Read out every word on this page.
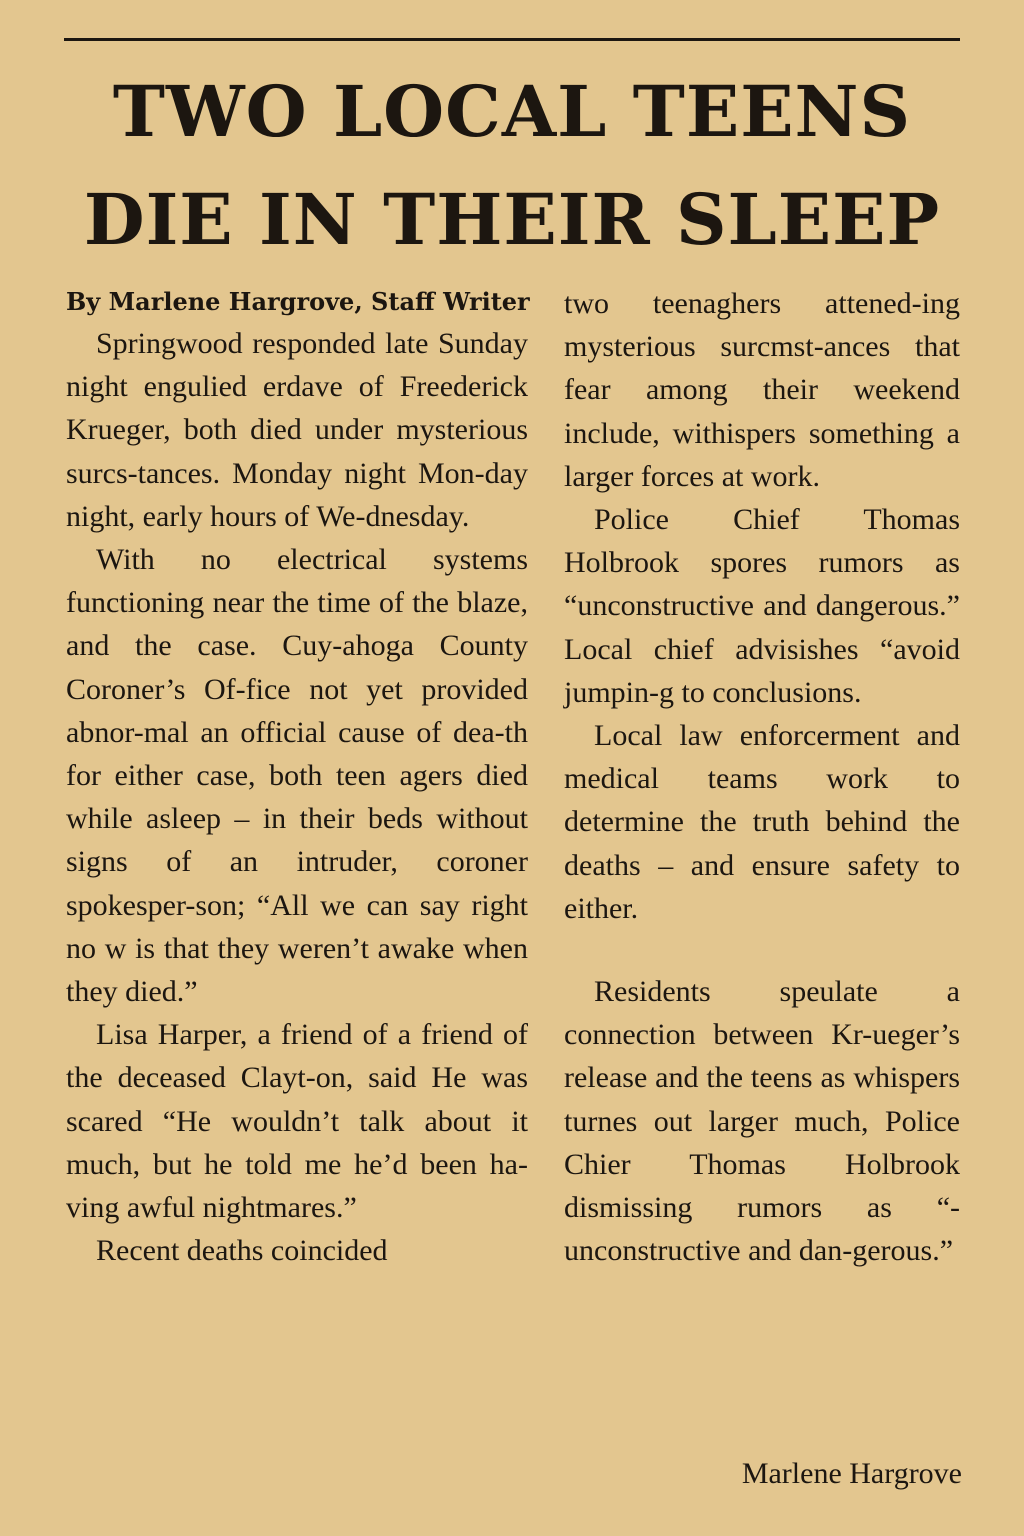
TWO LOCAL TEENS
DIE IN THEIR SLEEP

By Marlene Hargrove, Staff Writer

Springwood responded late Sunday night engulied erdave of Freederick Krueger, both died under mysterious surcs-tances. Monday night Mon-day night, early hours of We-dnesday.

With no electrical systems functioning near the time of the blaze, and the case. Cuy-ahoga County Coroner’s Of-fice not yet provided abnor-mal an official cause of dea-th for either case, both teen agers died while asleep – in their beds without signs of an intruder, coroner spokesper-son; “All we can say right no w is that they weren’t awake when they died.”

Lisa Harper, a friend of a friend of the deceased Clayt-on, said He was scared “He wouldn’t talk about it much, but he told me he’d been ha-ving awful nightmares.”

Recent deaths coincided

two teenaghers attened-ing mysterious surcmst-ances that fear among their weekend include, withispers something a larger forces at work.

Police Chief Thomas Holbrook spores rumors as “unconstructive and dangerous.” Local chief advisishes “avoid jumpin-g to conclusions.

Local law enforcerment and medical teams work to determine the truth behind the deaths – and ensure safety to either.

Residents speulate a connection between Kr-ueger’s release and the teens as whispers turnes out larger much, Police Chier Thomas Holbrook dismissing rumors as “-unconstructive and dan-gerous.”

Marlene Hargrove
